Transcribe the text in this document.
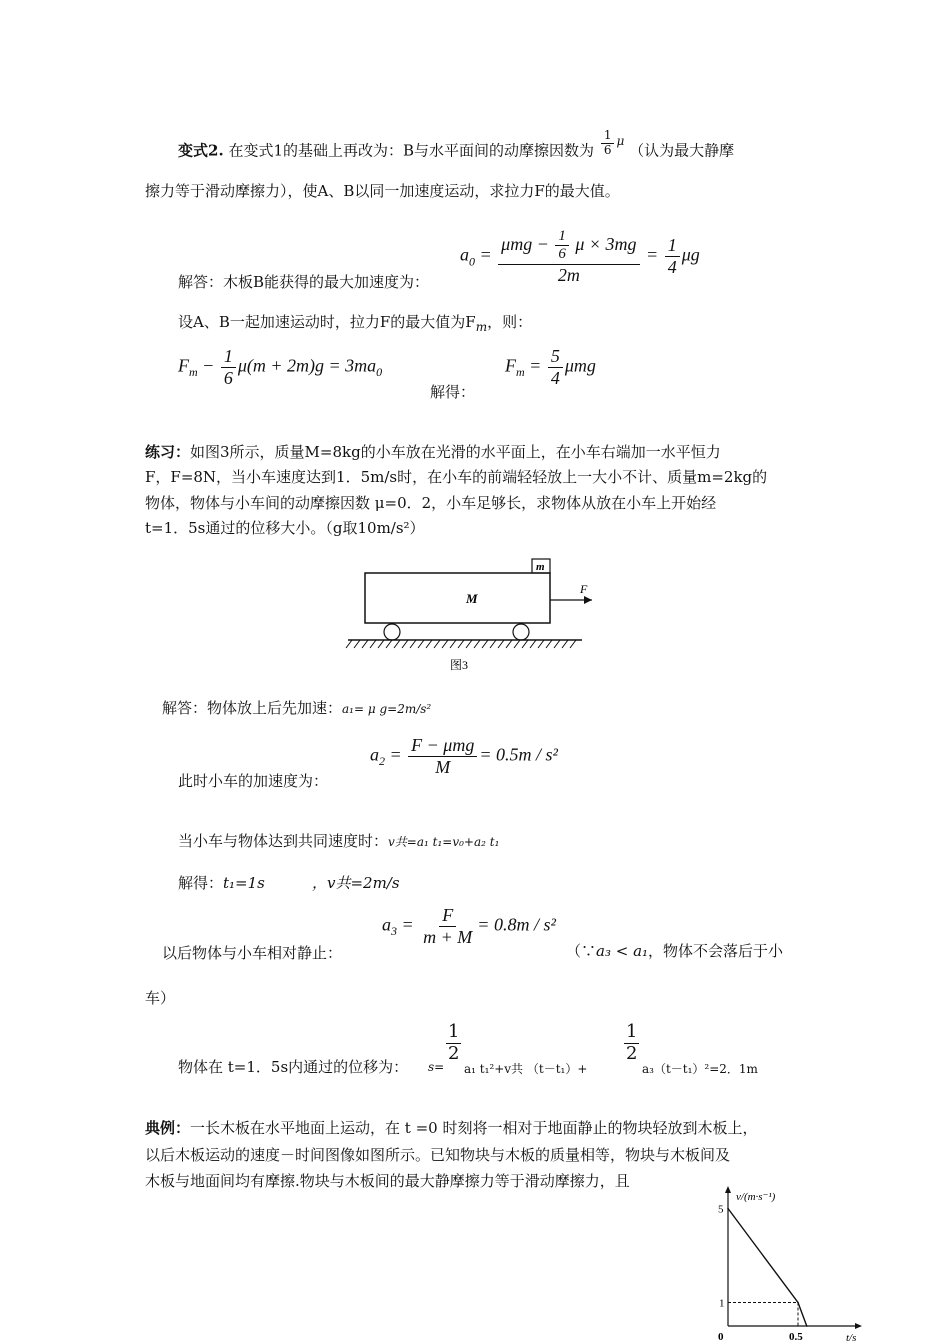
变式2. 在变式1的基础上再改为：B与水平面间的动摩擦因数为 $\frac{1}{6} ^\mu$ （认为最大静摩
擦力等于滑动摩擦力），使A、B以同一加速度运动，求拉力F的最大值。
解答：木板B能获得的最大加速度为：
$a_0 = \frac{\mu mg - \frac{1}{6} \mu \times 3mg}{2m} = \frac{1}{4}$ μg
设A、B一起加速运动时，拉力F的最大值为$F_m$，则：
$F_m - \frac{1}{6} \mu(m + 2m)g = 3ma_0$
解得：
$F_m = \frac{5}{4}$ μmg
练习：如图3所示，质量M=8kg的小车放在光滑的水平面上，在小车右端加一水平恒力
F，F=8N，当小车速度达到1．5m/s时，在小车的前端轻轻放上一大小不计、质量m=2kg的
物体，物体与小车间的动摩擦因数 μ=0．2，小车足够长，求物体从放在小车上开始经
t=1．5s通过的位移大小。（g取10m/s²）
m
M
F
图3
解答：物体放上后先加速：a₁= μ g=2m/s²
此时小车的加速度为：
$a_2 = \frac{\text{F − μmg}}{M} = 0.5m / s^2$
当小车与物体达到共同速度时：v共=a₁ t₁=v₀+a₂ t₁
解得：t₁=1s	，v共=2m/s
以后物体与小车相对静止：
$a_3 = \frac{F}{m + M} = 0.8m / s^2$
（∵a₃ < a₁，物体不会落后于小
车）
物体在 t=1．5s内通过的位移为： s=
1
2
a₁ t₁²+v共 （t－t₁）+
1
2
a₃（t－t₁）²=2．1m
典例：一长木板在水平地面上运动，在 t =0 时刻将一相对于地面静止的物块轻放到木板上，
以后木板运动的速度－时间图像如图所示。已知物块与木板的质量相等，物块与木板间及
木板与地面间均有摩擦.物块与木板间的最大静摩擦力等于滑动摩擦力，且
v/(m·s⁻¹)
t/s
0	0.5
5
1
